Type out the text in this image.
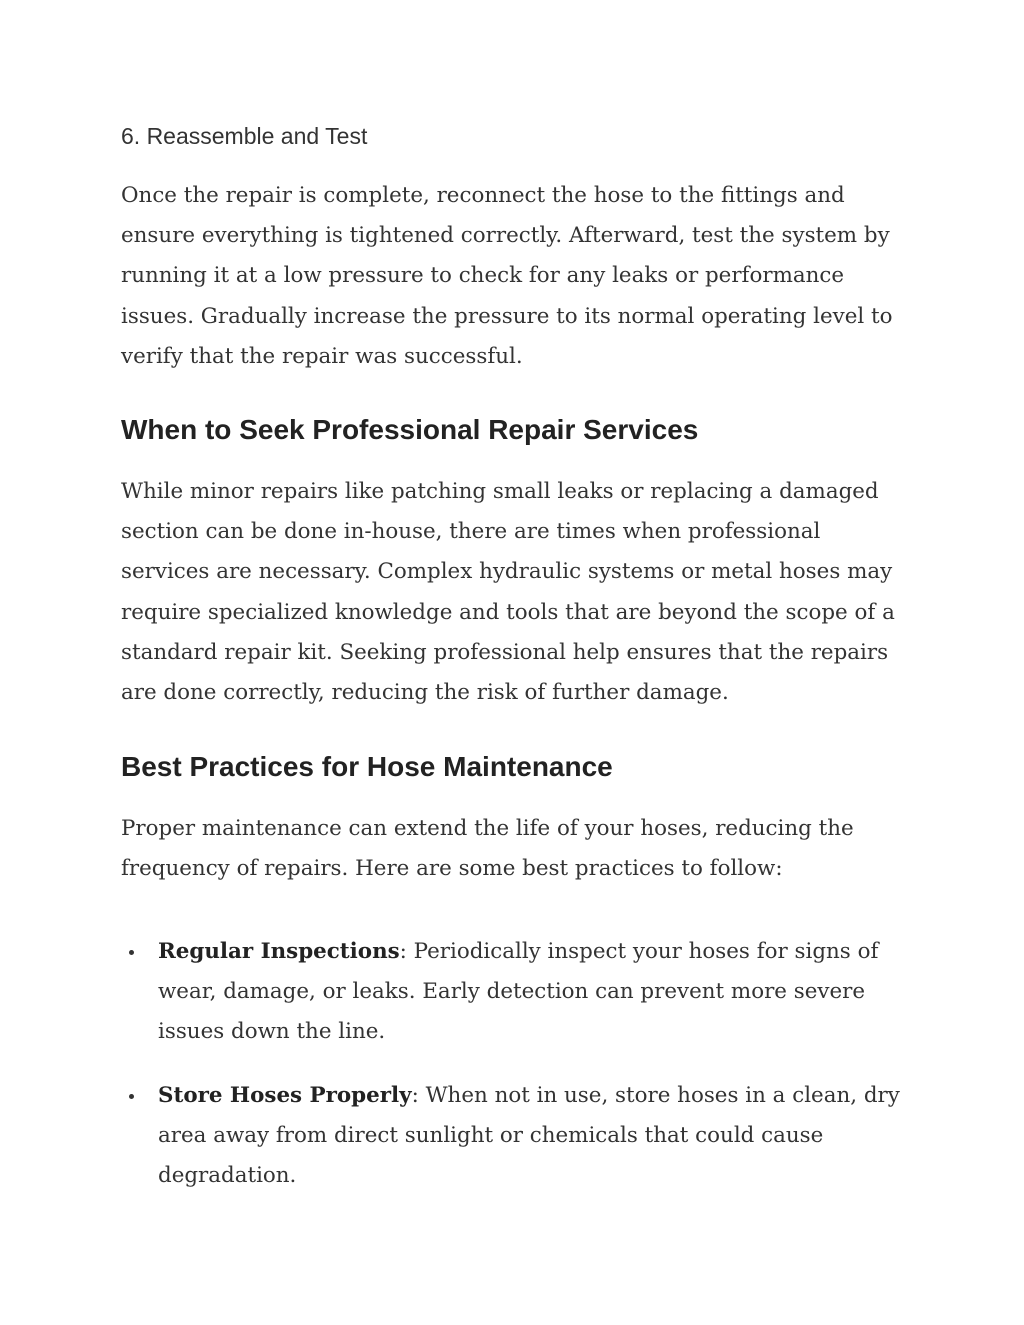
6. Reassemble and Test

Once the repair is complete, reconnect the hose to the fittings and ensure everything is tightened correctly. Afterward, test the system by running it at a low pressure to check for any leaks or performance issues. Gradually increase the pressure to its normal operating level to verify that the repair was successful.

When to Seek Professional Repair Services

While minor repairs like patching small leaks or replacing a damaged section can be done in-house, there are times when professional services are necessary. Complex hydraulic systems or metal hoses may require specialized knowledge and tools that are beyond the scope of a standard repair kit. Seeking professional help ensures that the repairs are done correctly, reducing the risk of further damage.

Best Practices for Hose Maintenance

Proper maintenance can extend the life of your hoses, reducing the frequency of repairs. Here are some best practices to follow:

Regular Inspections: Periodically inspect your hoses for signs of wear, damage, or leaks. Early detection can prevent more severe issues down the line.
Store Hoses Properly: When not in use, store hoses in a clean, dry area away from direct sunlight or chemicals that could cause degradation.
